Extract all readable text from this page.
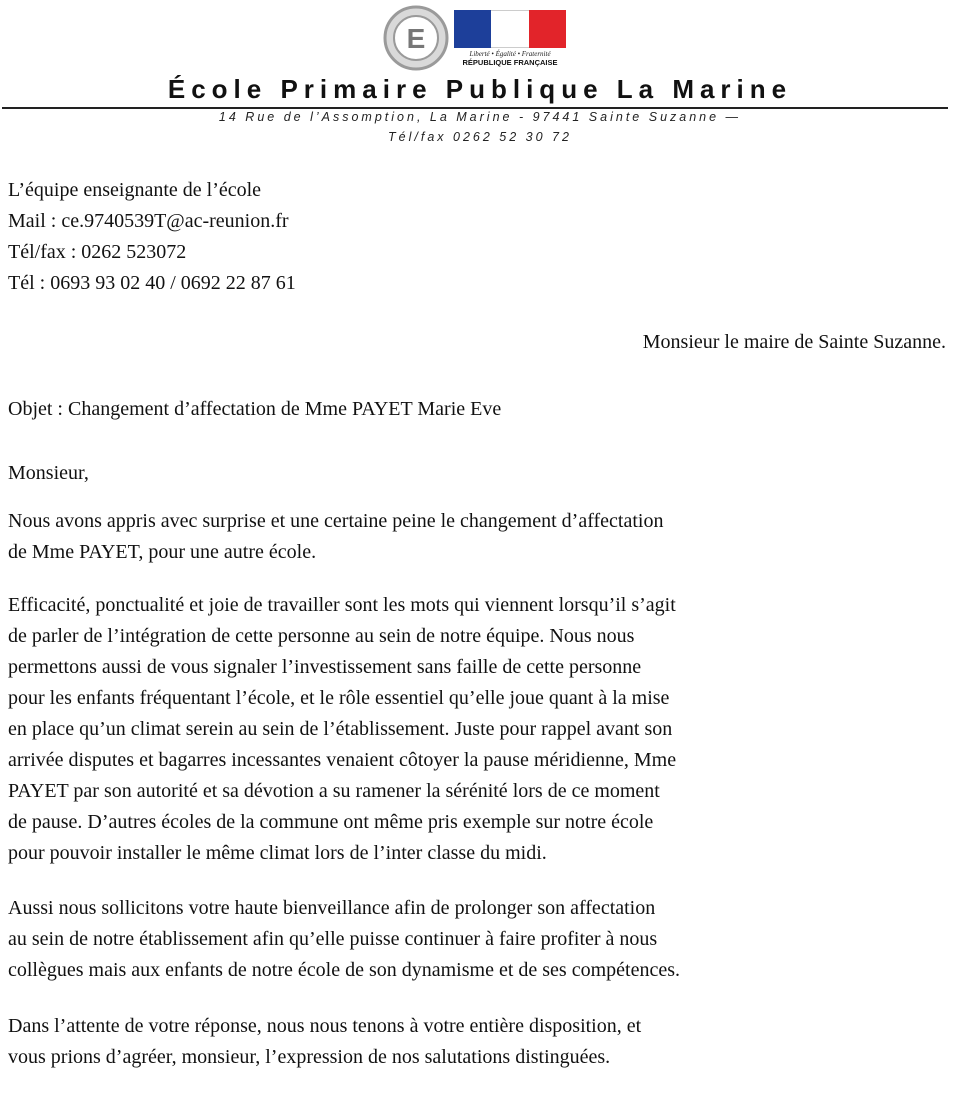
E	Liberté • Égalité • Fraternité
RÉPUBLIQUE FRANÇAISE
École Primaire Publique La Marine
14 Rue de l’Assomption, La Marine - 97441 Sainte Suzanne —
Tél/fax 0262 52 30 72
L’équipe enseignante de l’école
Mail : ce.9740539T@ac-reunion.fr
Tél/fax : 0262 523072
Tél : 0693 93 02 40 / 0692 22 87 61

Monsieur le maire de Sainte Suzanne.

Objet : Changement d’affectation de Mme PAYET Marie Eve

Monsieur,

Nous avons appris avec surprise et une certaine peine le changement d’affectation
de Mme PAYET, pour une autre école.

Efficacité, ponctualité et joie de travailler sont les mots qui viennent lorsqu’il s’agit
de parler de l’intégration de cette personne au sein de notre équipe. Nous nous
permettons aussi de vous signaler l’investissement sans faille de cette personne
pour les enfants fréquentant l’école, et le rôle essentiel qu’elle joue quant à la mise
en place qu’un climat serein au sein de l’établissement. Juste pour rappel avant son
arrivée disputes et bagarres incessantes venaient côtoyer la pause méridienne, Mme
PAYET par son autorité et sa dévotion a su ramener la sérénité lors de ce moment
de pause. D’autres écoles de la commune ont même pris exemple sur notre école
pour pouvoir installer le même climat lors de l’inter classe du midi.

Aussi nous sollicitons votre haute bienveillance afin de prolonger son affectation
au sein de notre établissement afin qu’elle puisse continuer à faire profiter à nous
collègues mais aux enfants de notre école de son dynamisme et de ses compétences.

Dans l’attente de votre réponse, nous nous tenons à votre entière disposition, et
vous prions d’agréer, monsieur, l’expression de nos salutations distinguées.
